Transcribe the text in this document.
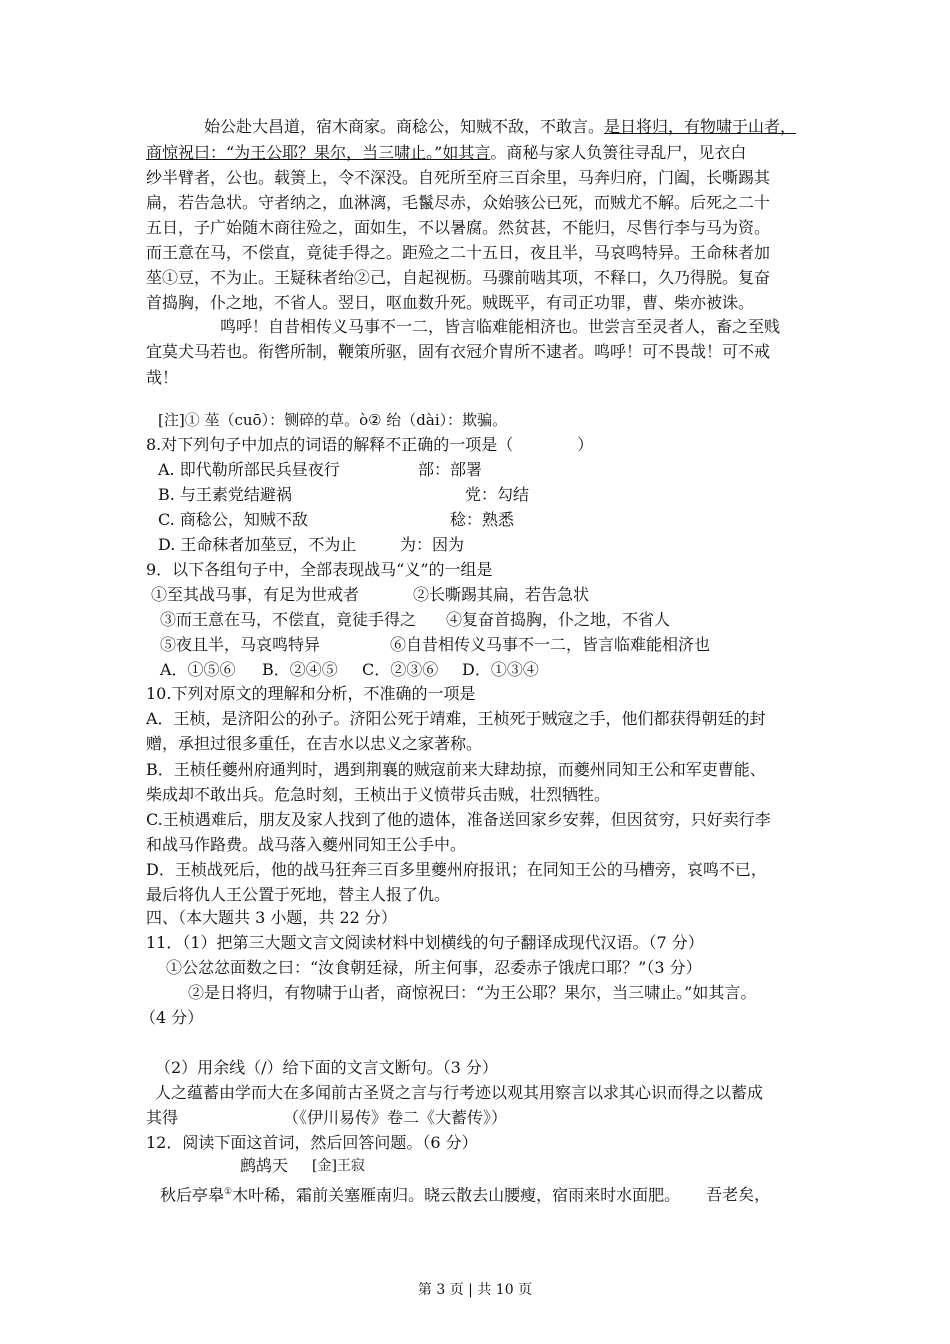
始公赴大昌道，宿木商家。商稔公，知贼不敌，不敢言。是日将归，有物啸于山者，
商惊祝曰：“为王公耶？果尔，当三啸止。”如其言。商秘与家人负箦往寻乱尸，见衣白
纱半臂者，公也。载箦上，令不深没。自死所至府三百余里，马奔归府，门阖，长嘶踢其
扁，若告急状。守者纳之，血淋漓，毛鬣尽赤，众始骇公已死，而贼尤不解。后死之二十
五日，子广始随木商往殓之，面如生，不以暑腐。然贫甚，不能归，尽售行李与马为资。
而王意在马，不偿直，竟徒手得之。距殓之二十五日，夜且半，马哀鸣特异。王命秣者加
莝①豆，不为止。王疑秣者绐②己，自起视枥。马骤前啮其项，不释口，久乃得脱。复奋
首捣胸，仆之地，不省人。翌日，呕血数升死。贼既平，有司正功罪，曹、柴亦被诛。
鸣呼！自昔相传义马事不一二，皆言临难能相济也。世尝言至灵者人，畜之至贱
宜莫犬马若也。衔辔所制，鞭策所驱，固有衣冠介胄所不逮者。鸣呼！可不畏哉！可不戒
哉！
[注]① 莝（cuō）：铡碎的草。ò② 绐（dài）：欺骗。
8.对下列句子中加点的词语的解释不正确的一项是（　　　　）
A. 即代勒所部民兵昼夜行	部：部署
B. 与王素党结避祸	党：勾结
C. 商稔公，知贼不敌	稔：熟悉
D. 王命秣者加莝豆，不为止	为：因为
9．以下各组句子中，全部表现战马“义”的一组是
①至其战马事，有足为世戒者	②长嘶踢其扁，若告急状
③而王意在马，不偿直，竟徒手得之 ④复奋首捣胸，仆之地，不省人
⑤夜且半，马哀鸣特异	⑥自昔相传义马事不一二，皆言临难能相济也
A．①⑤⑥ B．②④⑤ C．②③⑥ D．①③④
10.下列对原文的理解和分析，不准确的一项是
A．王桢，是济阳公的孙子。济阳公死于靖难，王桢死于贼寇之手，他们都获得朝廷的封
赠，承担过很多重任，在吉水以忠义之家著称。
B．王桢任夔州府通判时，遇到荆襄的贼寇前来大肆劫掠，而夔州同知王公和军吏曹能、
柴成却不敢出兵。危急时刻，王桢出于义愤带兵击贼，壮烈牺牲。
C.王桢遇难后，朋友及家人找到了他的遗体，准备送回家乡安葬，但因贫穷，只好卖行李
和战马作路费。战马落入夔州同知王公手中。
D．王桢战死后，他的战马狂奔三百多里夔州府报讯；在同知王公的马槽旁，哀鸣不已，
最后将仇人王公置于死地，替主人报了仇。
四、（本大题共 3 小题，共 22 分）
11．（1）把第三大题文言文阅读材料中划横线的句子翻译成现代汉语。（7 分）
①公忿忿面数之曰：“汝食朝廷禄，所主何事，忍委赤子饿虎口耶？”（3 分）
②是日将归，有物啸于山者，商惊祝曰：“为王公耶？果尔，当三啸止。”如其言。
（4 分）
（2）用余线（/）给下面的文言文断句。（3 分）
人之蕴蓄由学而大在多闻前古圣贤之言与行考迹以观其用察言以求其心识而得之以蓄成
其得	（《伊川易传》卷二《大蓄传》）
12．阅读下面这首词，然后回答问题。（6 分）
鹧鸪天 [金]王寂
秋后亭皋①木叶稀，霜前关塞雁南归。晓云散去山腰瘦，宿雨来时水面肥。 吾老矣，
第 3 页 | 共 10 页
